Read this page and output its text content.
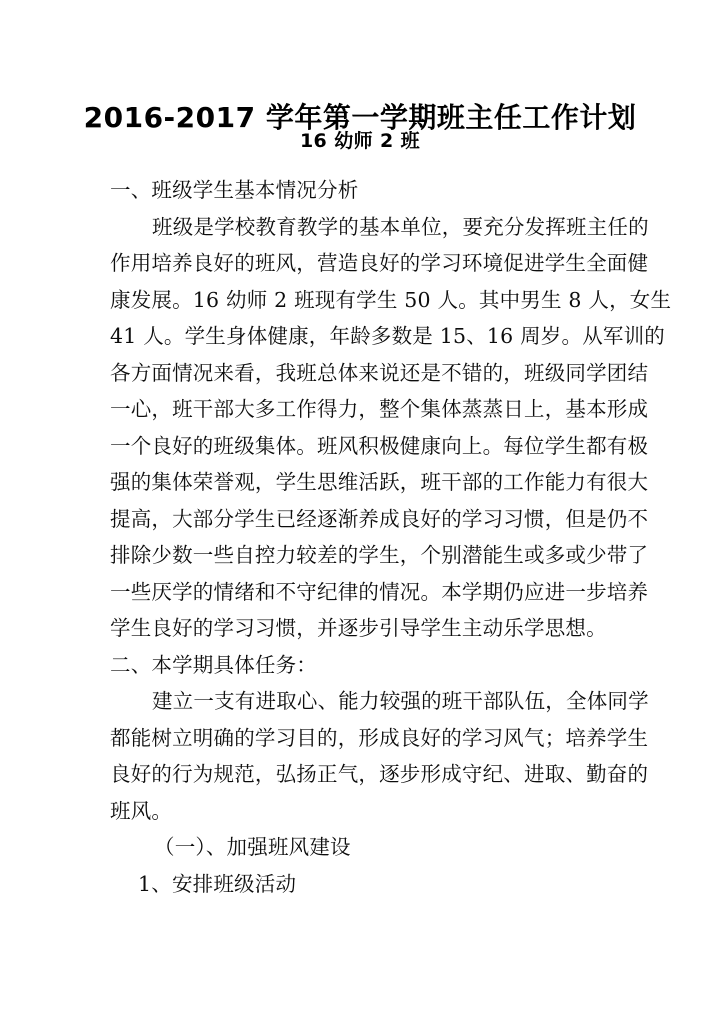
2016-2017 学年第一学期班主任工作计划
16 幼师 2 班
一、班级学生基本情况分析
班级是学校教育教学的基本单位，要充分发挥班主任的
作用培养良好的班风，营造良好的学习环境促进学生全面健
康发展。16 幼师 2 班现有学生 50 人。其中男生 8 人，女生
41 人。学生身体健康，年龄多数是 15、16 周岁。从军训的
各方面情况来看，我班总体来说还是不错的，班级同学团结
一心，班干部大多工作得力，整个集体蒸蒸日上，基本形成
一个良好的班级集体。班风积极健康向上。每位学生都有极
强的集体荣誉观，学生思维活跃，班干部的工作能力有很大
提高，大部分学生已经逐渐养成良好的学习习惯，但是仍不
排除少数一些自控力较差的学生，个别潜能生或多或少带了
一些厌学的情绪和不守纪律的情况。本学期仍应进一步培养
学生良好的学习习惯，并逐步引导学生主动乐学思想。
二、本学期具体任务：
建立一支有进取心、能力较强的班干部队伍，全体同学
都能树立明确的学习目的，形成良好的学习风气；培养学生
良好的行为规范，弘扬正气，逐步形成守纪、进取、勤奋的
班风。
（一）、加强班风建设
1、安排班级活动
